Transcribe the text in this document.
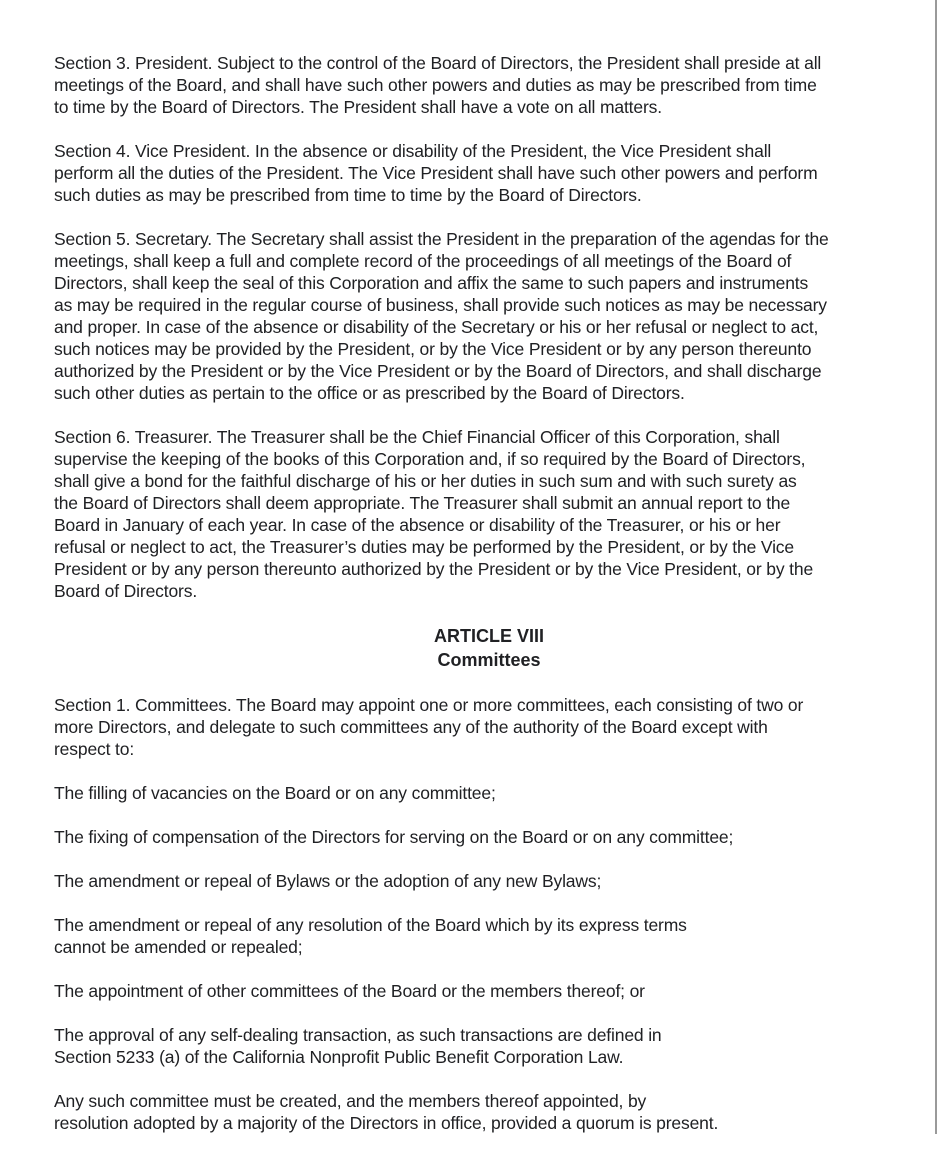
Section 3. President. Subject to the control of the Board of Directors, the President shall preside at all
meetings of the Board, and shall have such other powers and duties as may be prescribed from time
to time by the Board of Directors. The President shall have a vote on all matters.
Section 4. Vice President. In the absence or disability of the President, the Vice President shall
perform all the duties of the President. The Vice President shall have such other powers and perform
such duties as may be prescribed from time to time by the Board of Directors.
Section 5. Secretary. The Secretary shall assist the President in the preparation of the agendas for the
meetings, shall keep a full and complete record of the proceedings of all meetings of the Board of
Directors, shall keep the seal of this Corporation and affix the same to such papers and instruments
as may be required in the regular course of business, shall provide such notices as may be necessary
and proper. In case of the absence or disability of the Secretary or his or her refusal or neglect to act,
such notices may be provided by the President, or by the Vice President or by any person thereunto
authorized by the President or by the Vice President or by the Board of Directors, and shall discharge
such other duties as pertain to the office or as prescribed by the Board of Directors.
Section 6. Treasurer. The Treasurer shall be the Chief Financial Officer of this Corporation, shall
supervise the keeping of the books of this Corporation and, if so required by the Board of Directors,
shall give a bond for the faithful discharge of his or her duties in such sum and with such surety as
the Board of Directors shall deem appropriate. The Treasurer shall submit an annual report to the
Board in January of each year. In case of the absence or disability of the Treasurer, or his or her
refusal or neglect to act, the Treasurer’s duties may be performed by the President, or by the Vice
President or by any person thereunto authorized by the President or by the Vice President, or by the
Board of Directors.
ARTICLE VIII
Committees
Section 1. Committees. The Board may appoint one or more committees, each consisting of two or
more Directors, and delegate to such committees any of the authority of the Board except with
respect to:
The filling of vacancies on the Board or on any committee;
The fixing of compensation of the Directors for serving on the Board or on any committee;
The amendment or repeal of Bylaws or the adoption of any new Bylaws;
The amendment or repeal of any resolution of the Board which by its express terms
cannot be amended or repealed;
The appointment of other committees of the Board or the members thereof; or
The approval of any self-dealing transaction, as such transactions are defined in
Section 5233 (a) of the California Nonprofit Public Benefit Corporation Law.
Any such committee must be created, and the members thereof appointed, by
resolution adopted by a majority of the Directors in office, provided a quorum is present.
